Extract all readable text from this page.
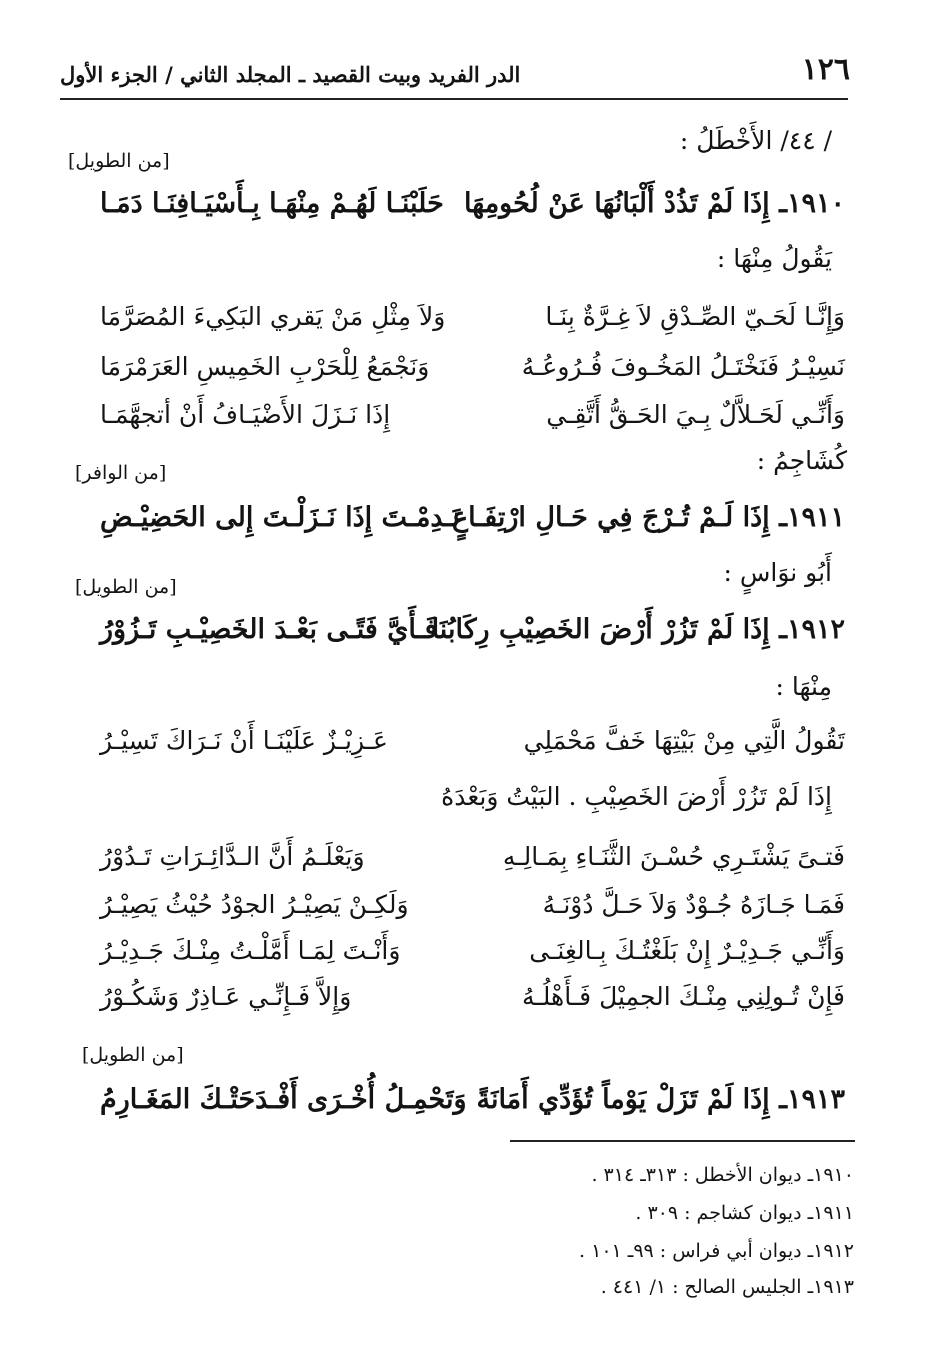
١٢٦
الدر الفريد وبيت القصيد ـ المجلد الثاني / الجزء الأول
/ ٤٤/ الأَخْطَلُ :
[من الطويل]
١٩١٠ـ إِذَا لَمْ تَذُدْ أَلْبَانُهَا عَنْ لُحُومِهَا
حَلَبْنَـا لَهُـمْ مِنْهَـا بِـأَسْيَـافِنَـا دَمَـا
يَقُولُ مِنْهَا :
وَإِنَّـا لَحَـيّ الصِّـدْقِ لاَ غِـرَّةٌ بِنَـا
وَلاَ مِثْلِ مَنْ يَقري البَكِيءَ المُصَرَّمَا
نَسِيْـرُ فَنَخْتَـلُ المَخُـوفَ فُـرُوعُـهُ
وَنَجْمَعُ لِلْحَرْبِ الخَمِيسِ العَرَمْرَمَا
وَأَنِّـي لَحَـلاَّلٌ بِـيَ الحَـقُّ أَتَّقِـي
إِذَا نَـزَلَ الأَضْيَـافُ أَنْ أتجهَّمَـا
كُشَاجِمُ :
[من الوافر]
١٩١١ـ إِذَا لَـمْ تُـرْجَ فِي حَـالِ ارْتِفَـاعٍ
نَـدِمْـتَ إِذَا نَـزَلْـتَ إِلى الحَضِيْـضِ
أَبُو نوَاسٍ :
[من الطويل]
١٩١٢ـ إِذَا لَمْ تَزُرْ أَرْضَ الخَصِيْبِ رِكَابُنَا
فَـأَيَّ فَتًـى بَعْـدَ الخَصِيْـبِ تَـزُوْرُ
مِنْهَا :
تَقُولُ الَّتِي مِنْ بَيْتِهَا خَفَّ مَحْمَلِي
عَـزِيْـزٌ عَلَيْنَـا أَنْ نَـرَاكَ تَسِيْـرُ
إِذَا لَمْ تَزُرْ أَرْضَ الخَصِيْبِ . البَيْتُ وَبَعْدَهُ
فَتـىً يَشْتَـرِي حُسْـنَ الثَّنَـاءِ بِمَـالِـهِ
وَيَعْلَـمُ أَنَّ الـدَّائِـرَاتِ تَـدُوْرُ
فَمَـا جَـازَهُ جُـوْدٌ وَلاَ حَـلَّ دُوْنَـهُ
وَلَكِـنْ يَصِيْـرُ الجوْدُ حُيْثُ يَصِيْـرُ
وَأَنِّـي جَـدِيْـرٌ إِنْ بَلَغْتُـكَ بِـالغِنَـى
وَأَنْـتَ لِمَـا أَمَّلْـتُ مِنْـكَ جَـدِيْـرُ
فَإِنْ تُـولِنِي مِنْـكَ الجمِيْلَ فَـأَهْلُـهُ
وَإِلاَّ فَـإِنِّـي عَـاذِرٌ وَشَكُـوْرُ
[من الطويل]
١٩١٣ـ إِذَا لَمْ تَزَلْ يَوْماً تُؤَدِّي أَمَانَةً
وَتَحْمِـلُ أُخْـرَى أَفْـدَحَتْـكَ المَغَـارِمُ
١٩١٠ـ ديوان الأخطل : ٣١٣ـ ٣١٤ .
١٩١١ـ ديوان كشاجم : ٣٠٩ .
١٩١٢ـ ديوان أبي فراس : ٩٩ـ ١٠١ .
١٩١٣ـ الجليس الصالح : ١/ ٤٤١ .
